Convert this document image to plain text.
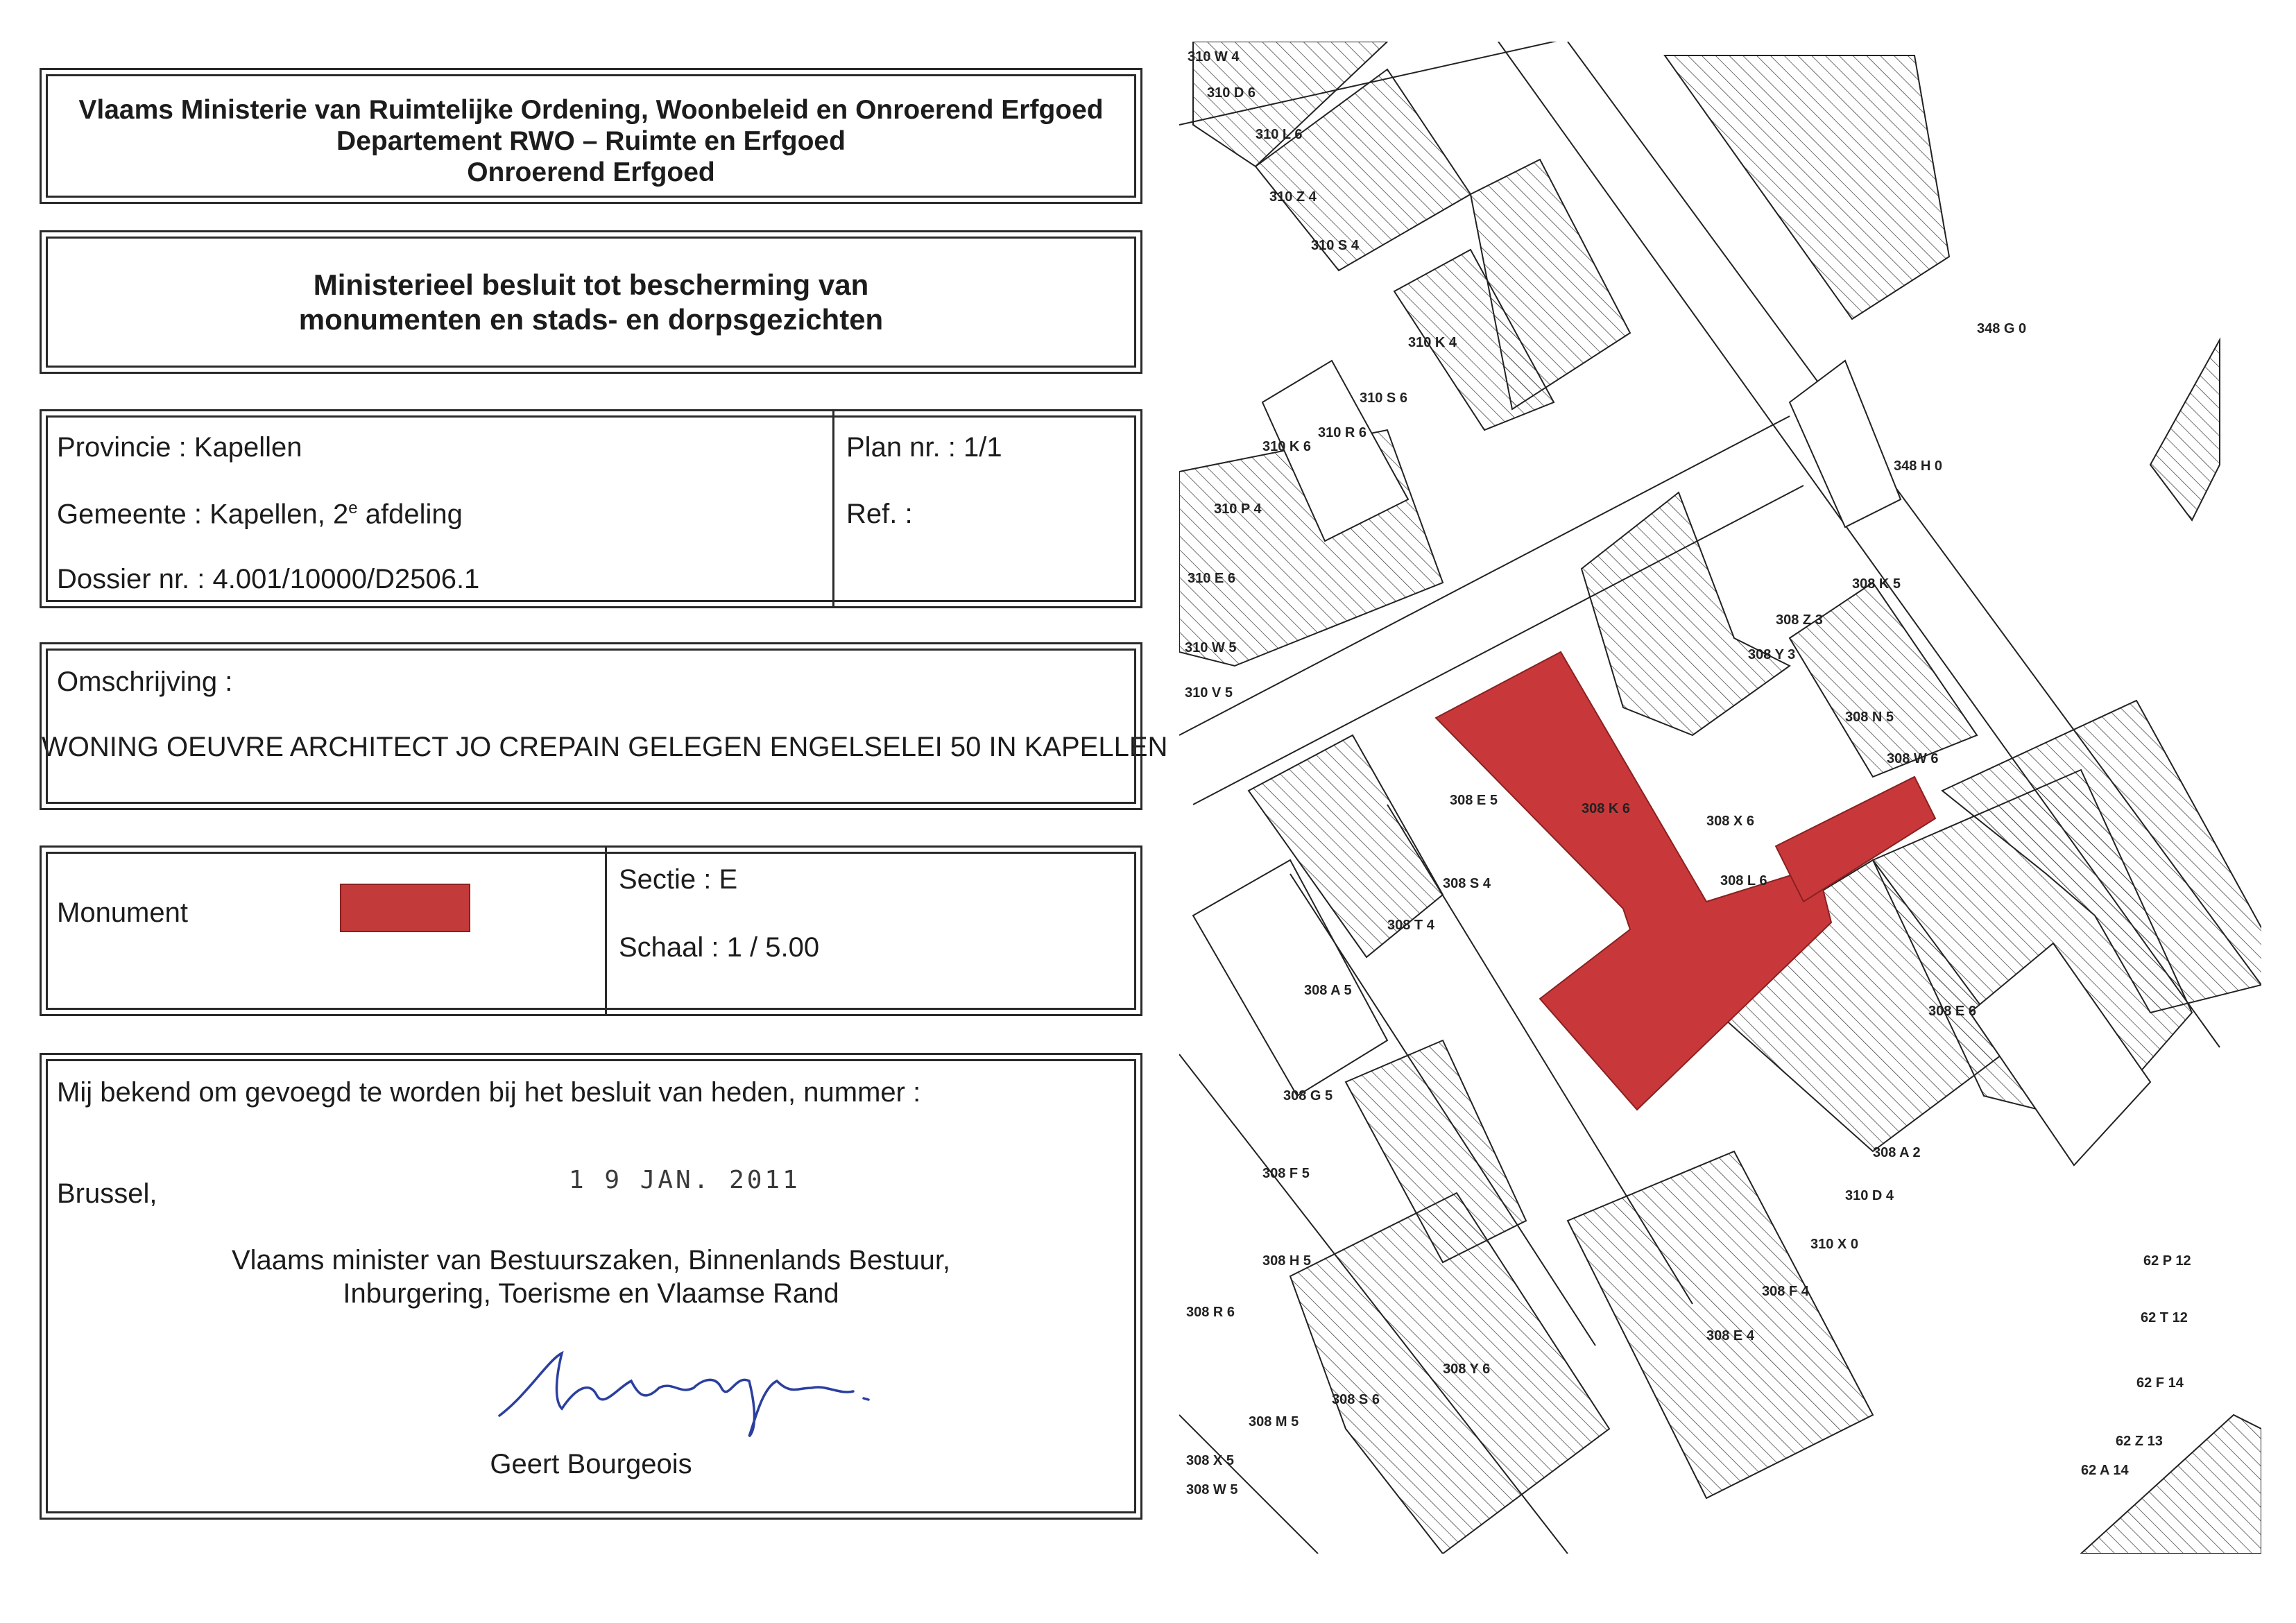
Vlaams Ministerie van Ruimtelijke Ordening, Woonbeleid en Onroerend Erfgoed
Departement RWO – Ruimte en Erfgoed
Onroerend Erfgoed
Ministerieel besluit tot bescherming van
monumenten en stads- en dorpsgezichten
Provincie : Kapellen
Gemeente : Kapellen, 2e afdeling
Dossier nr. : 4.001/10000/D2506.1
Plan nr. : 1/1
Ref. :
Omschrijving :
WONING OEUVRE ARCHITECT JO CREPAIN GELEGEN ENGELSELEI 50 IN KAPELLEN
Monument
Sectie : E
Schaal : 1 / 5.00
Mij bekend om gevoegd te worden bij het besluit van heden, nummer :
Brussel,	1 9 JAN. 2011
Vlaams minister van Bestuurszaken, Binnenlands Bestuur,
Inburgering, Toerisme en Vlaamse Rand
Geert Bourgeois
310 W 4
310 D 6
310 L 6
310 Z 4
310 S 4
310 K 4
310 S 6
310 R 6
310 K 6
310 P 4
310 E 6
310 W 5
310 V 5
348 G 0
348 H 0
308 K 5
308 Z 3
308 Y 3
308 N 5
308 W 6
308 E 5
308 K 6
308 X 6
308 L 6
308 S 4
308 T 4
308 A 5
308 E 6
308 G 5
308 F 5
308 A 2
310 D 4
310 X 0
308 H 5
308 F 4
308 E 4
308 R 6
308 Y 6
308 S 6
308 M 5
308 X 5
308 W 5
62 P 12
62 T 12
62 F 14
62 Z 13
62 A 14
